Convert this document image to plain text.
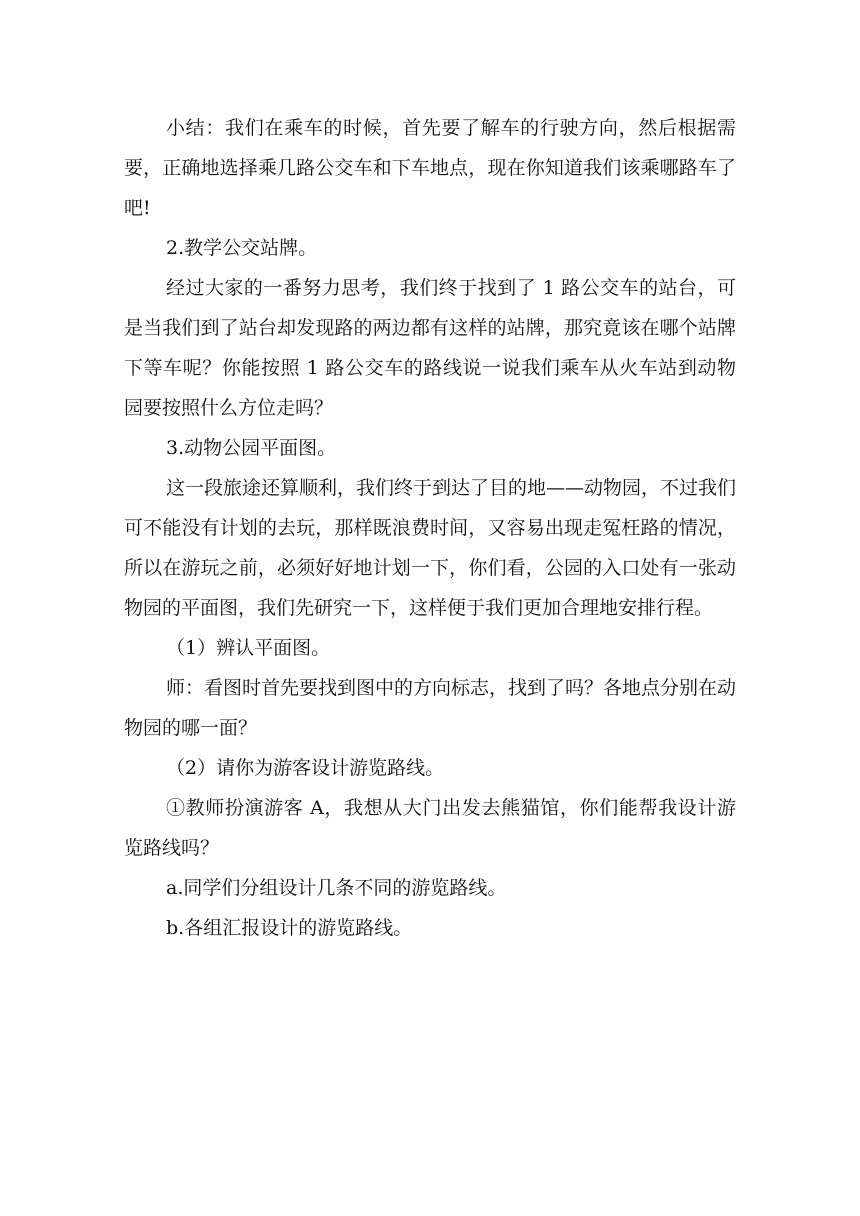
小结：我们在乘车的时候，首先要了解车的行驶方向，然后根据需要，正确地选择乘几路公交车和下车地点，现在你知道我们该乘哪路车了吧!

2.教学公交站牌。

经过大家的一番努力思考，我们终于找到了 1 路公交车的站台，可是当我们到了站台却发现路的两边都有这样的站牌，那究竟该在哪个站牌下等车呢？你能按照 1 路公交车的路线说一说我们乘车从火车站到动物园要按照什么方位走吗？

3.动物公园平面图。

这一段旅途还算顺利，我们终于到达了目的地——动物园，不过我们可不能没有计划的去玩，那样既浪费时间，又容易出现走冤枉路的情况，所以在游玩之前，必须好好地计划一下，你们看，公园的入口处有一张动物园的平面图，我们先研究一下，这样便于我们更加合理地安排行程。

（1）辨认平面图。

师：看图时首先要找到图中的方向标志，找到了吗？各地点分别在动物园的哪一面？

（2）请你为游客设计游览路线。

①教师扮演游客 A，我想从大门出发去熊猫馆，你们能帮我设计游览路线吗？

a.同学们分组设计几条不同的游览路线。

b.各组汇报设计的游览路线。
